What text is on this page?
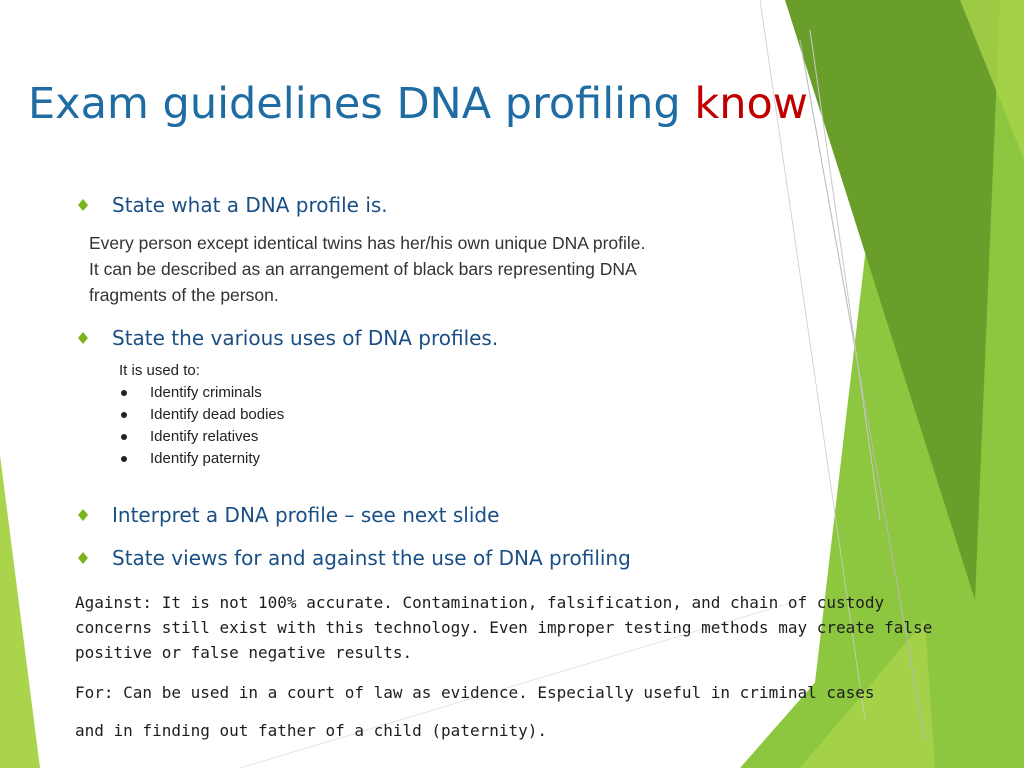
Exam guidelines DNA profiling know
State what a DNA profile is.

Every person except identical twins has her/his own unique DNA profile.

It can be described as an arrangement of black bars representing DNA

fragments of the person.

State the various uses of DNA profiles.
It is used to:
Identify criminals
Identify dead bodies
Identify relatives
Identify paternity
Interpret a DNA profile – see next slide
State views for and against the use of DNA profiling
Against: It is not 100% accurate. Contamination, falsification, and chain of custody
concerns still exist with this technology. Even improper testing methods may create false
positive or false negative results.
For: Can be used in a court of law as evidence. Especially useful in criminal cases
and in finding out father of a child (paternity).
